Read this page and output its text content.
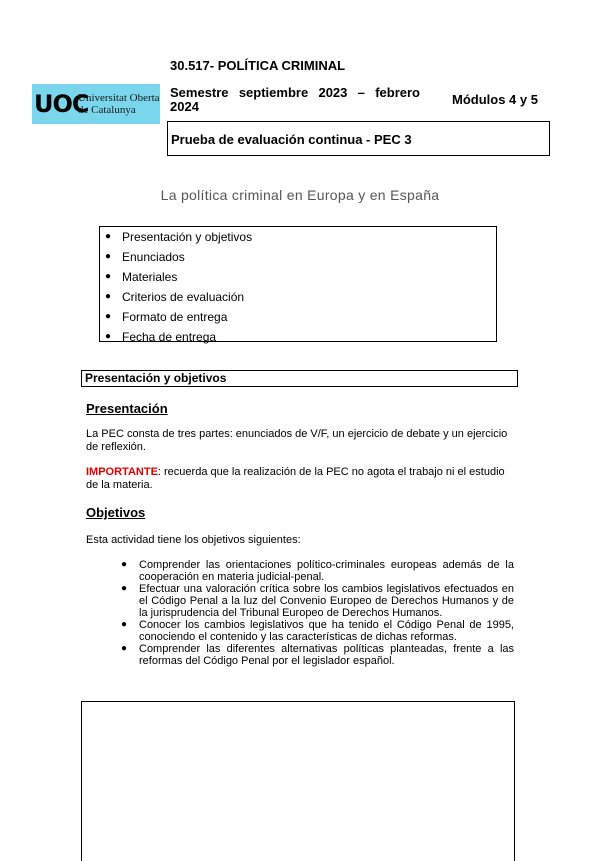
UOC
Universitat Oberta
de Catalunya
30.517- POLÍTICA CRIMINAL
Semestre septiembre 2023 – febrero 2024	Módulos 4 y 5
Prueba de evaluación continua - PEC 3
La política criminal en Europa y en España
● Presentación y objetivos
● Enunciados
● Materiales
● Criterios de evaluación
● Formato de entrega
● Fecha de entrega
Presentación y objetivos
Presentación
La PEC consta de tres partes: enunciados de V/F, un ejercicio de debate y un ejercicio de reflexión.
IMPORTANTE: recuerda que la realización de la PEC no agota el trabajo ni el estudio de la materia.
Objetivos
Esta actividad tiene los objetivos siguientes:
● Comprender las orientaciones político-criminales europeas además de la cooperación en materia judicial-penal.
● Efectuar una valoración crítica sobre los cambios legislativos efectuados en el Código Penal a la luz del Convenio Europeo de Derechos Humanos y de la jurisprudencia del Tribunal Europeo de Derechos Humanos.
● Conocer los cambios legislativos que ha tenido el Código Penal de 1995, conociendo el contenido y las características de dichas reformas.
● Comprender las diferentes alternativas políticas planteadas, frente a las reformas del Código Penal por el legislador español.
